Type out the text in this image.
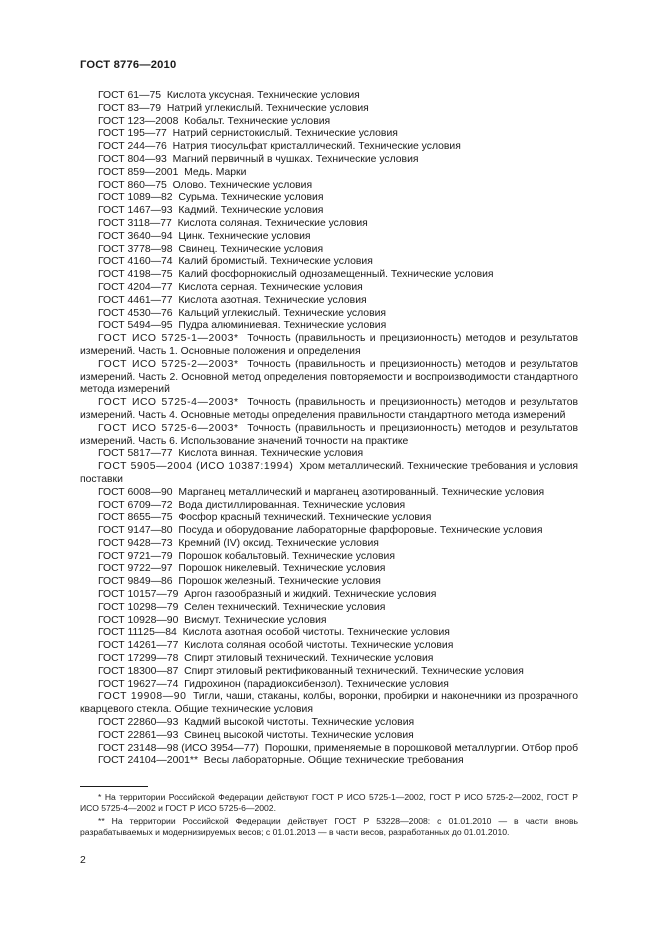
ГОСТ 8776—2010

ГОСТ 61—75 Кислота уксусная. Технические условия

ГОСТ 83—79 Натрий углекислый. Технические условия

ГОСТ 123—2008 Кобальт. Технические условия

ГОСТ 195—77 Натрий сернистокислый. Технические условия

ГОСТ 244—76 Натрия тиосульфат кристаллический. Технические условия

ГОСТ 804—93 Магний первичный в чушках. Технические условия

ГОСТ 859—2001 Медь. Марки

ГОСТ 860—75 Олово. Технические условия

ГОСТ 1089—82 Сурьма. Технические условия

ГОСТ 1467—93 Кадмий. Технические условия

ГОСТ 3118—77 Кислота соляная. Технические условия

ГОСТ 3640—94 Цинк. Технические условия

ГОСТ 3778—98 Свинец. Технические условия

ГОСТ 4160—74 Калий бромистый. Технические условия

ГОСТ 4198—75 Калий фосфорнокислый однозамещенный. Технические условия

ГОСТ 4204—77 Кислота серная. Технические условия

ГОСТ 4461—77 Кислота азотная. Технические условия

ГОСТ 4530—76 Кальций углекислый. Технические условия

ГОСТ 5494—95 Пудра алюминиевая. Технические условия

ГОСТ ИСО 5725-1—2003* Точность (правильность и прецизионность) методов и результатов измерений. Часть 1. Основные положения и определения

ГОСТ ИСО 5725-2—2003* Точность (правильность и прецизионность) методов и результатов измерений. Часть 2. Основной метод определения повторяемости и воспроизводимости стандартного метода измерений

ГОСТ ИСО 5725-4—2003* Точность (правильность и прецизионность) методов и результатов измерений. Часть 4. Основные методы определения правильности стандартного метода измерений

ГОСТ ИСО 5725-6—2003* Точность (правильность и прецизионность) методов и результатов измерений. Часть 6. Использование значений точности на практике

ГОСТ 5817—77 Кислота винная. Технические условия

ГОСТ 5905—2004 (ИСО 10387:1994) Хром металлический. Технические требования и условия поставки

ГОСТ 6008—90 Марганец металлический и марганец азотированный. Технические условия

ГОСТ 6709—72 Вода дистиллированная. Технические условия

ГОСТ 8655—75 Фосфор красный технический. Технические условия

ГОСТ 9147—80 Посуда и оборудование лабораторные фарфоровые. Технические условия

ГОСТ 9428—73 Кремний (IV) оксид. Технические условия

ГОСТ 9721—79 Порошок кобальтовый. Технические условия

ГОСТ 9722—97 Порошок никелевый. Технические условия

ГОСТ 9849—86 Порошок железный. Технические условия

ГОСТ 10157—79 Аргон газообразный и жидкий. Технические условия

ГОСТ 10298—79 Селен технический. Технические условия

ГОСТ 10928—90 Висмут. Технические условия

ГОСТ 11125—84 Кислота азотная особой чистоты. Технические условия

ГОСТ 14261—77 Кислота соляная особой чистоты. Технические условия

ГОСТ 17299—78 Спирт этиловый технический. Технические условия

ГОСТ 18300—87 Спирт этиловый ректификованный технический. Технические условия

ГОСТ 19627—74 Гидрохинон (парадиоксибензол). Технические условия

ГОСТ 19908—90 Тигли, чаши, стаканы, колбы, воронки, пробирки и наконечники из прозрачного кварцевого стекла. Общие технические условия

ГОСТ 22860—93 Кадмий высокой чистоты. Технические условия

ГОСТ 22861—93 Свинец высокой чистоты. Технические условия

ГОСТ 23148—98 (ИСО 3954—77) Порошки, применяемые в порошковой металлургии. Отбор проб

ГОСТ 24104—2001** Весы лабораторные. Общие технические требования

* На территории Российской Федерации действуют ГОСТ Р ИСО 5725-1—2002, ГОСТ Р ИСО 5725-2—2002, ГОСТ Р ИСО 5725-4—2002 и ГОСТ Р ИСО 5725-6—2002.

** На территории Российской Федерации действует ГОСТ Р 53228—2008: с 01.01.2010 — в части вновь разрабатываемых и модернизируемых весов; с 01.01.2013 — в части весов, разработанных до 01.01.2010.

2
